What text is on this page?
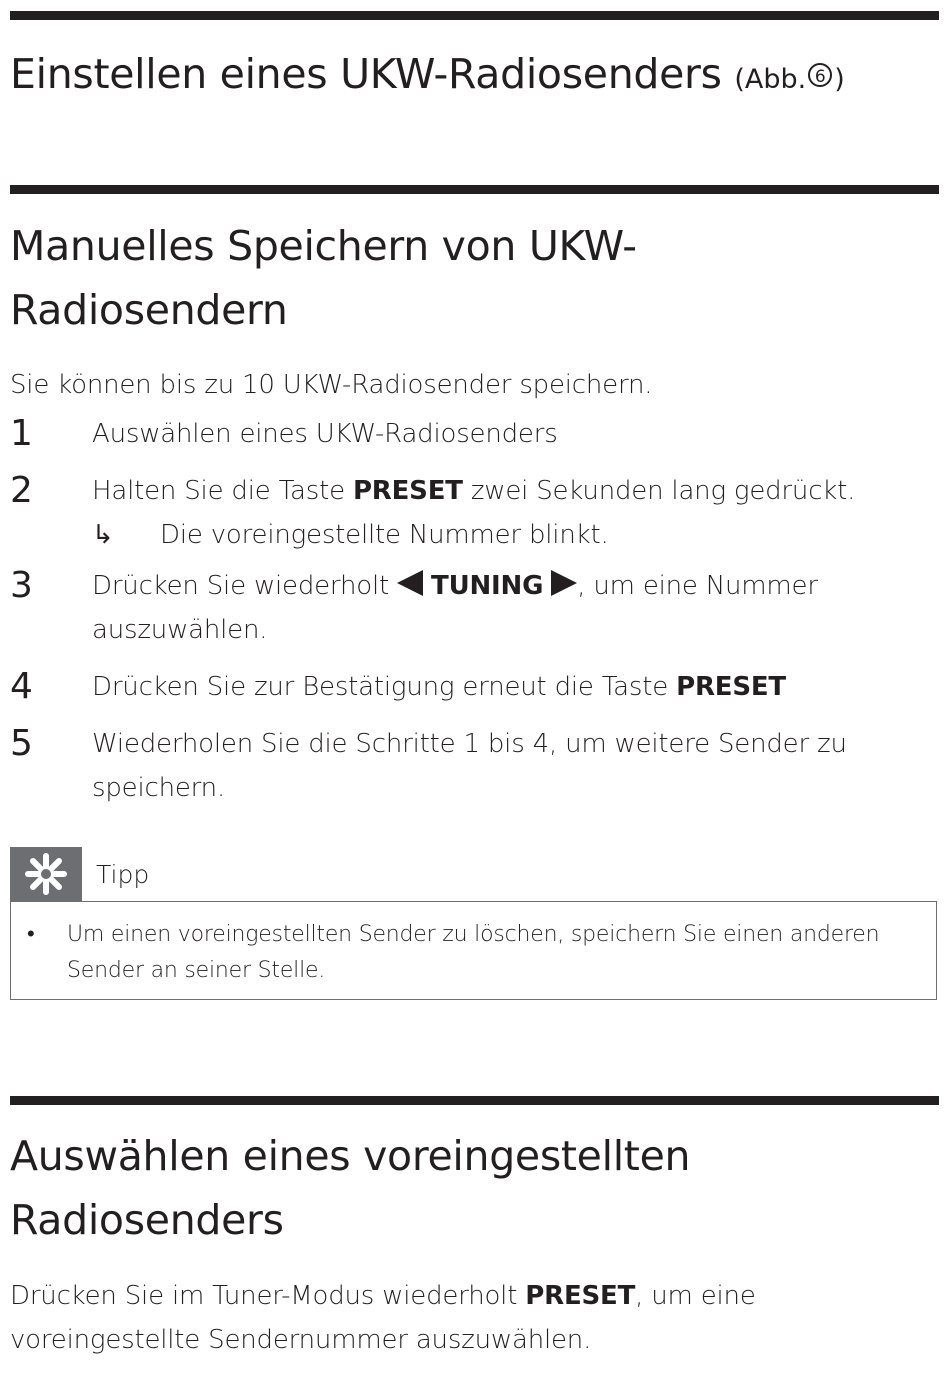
Einstellen eines UKW-Radiosenders (Abb. 6 )
Manuelles Speichern von UKW-
Radiosendern

Sie können bis zu 10 UKW-Radiosender speichern.

1 Auswählen eines UKW-Radiosenders
2 Halten Sie die Taste PRESET zwei Sekunden lang gedrückt.
↳	Die voreingestellte Nummer blinkt.
3 Drücken Sie wiederholt TUNING , um eine Nummer auszuwählen.
4 Drücken Sie zur Bestätigung erneut die Taste PRESET
5 Wiederholen Sie die Schritte 1 bis 4, um weitere Sender zu speichern.
Tipp
• Um einen voreingestellten Sender zu löschen, speichern Sie einen anderen Sender an seiner Stelle.
Auswählen eines voreingestellten
Radiosenders

Drücken Sie im Tuner-Modus wiederholt PRESET, um eine voreingestellte Sendernummer auszuwählen.
